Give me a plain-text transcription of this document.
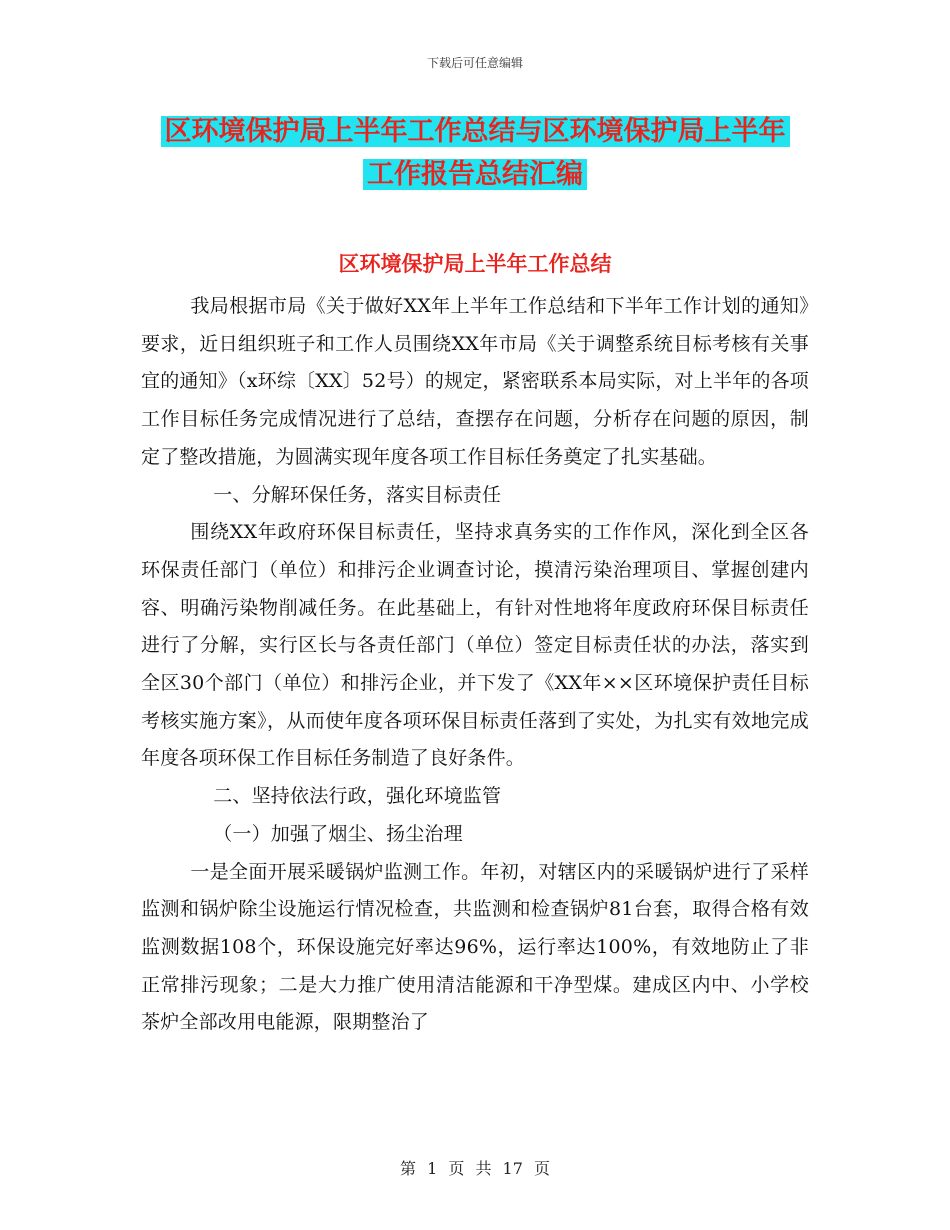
下载后可任意编辑
区环境保护局上半年工作总结与区环境保护局上半年
工作报告总结汇编
区环境保护局上半年工作总结

我局根据市局《关于做好XX年上半年工作总结和下半年工作计划的通知》要求，近日组织班子和工作人员围绕XX年市局《关于调整系统目标考核有关事宜的通知》（x环综〔XX〕52号）的规定，紧密联系本局实际，对上半年的各项工作目标任务完成情况进行了总结，查摆存在问题，分析存在问题的原因，制定了整改措施，为圆满实现年度各项工作目标任务奠定了扎实基础。

一、分解环保任务，落实目标责任

围绕XX年政府环保目标责任，坚持求真务实的工作作风，深化到全区各环保责任部门（单位）和排污企业调查讨论，摸清污染治理项目、掌握创建内容、明确污染物削减任务。在此基础上，有针对性地将年度政府环保目标责任进行了分解，实行区长与各责任部门（单位）签定目标责任状的办法，落实到全区30个部门（单位）和排污企业，并下发了《XX年××区环境保护责任目标考核实施方案》，从而使年度各项环保目标责任落到了实处，为扎实有效地完成年度各项环保工作目标任务制造了良好条件。

二、坚持依法行政，强化环境监管

（一）加强了烟尘、扬尘治理

一是全面开展采暖锅炉监测工作。年初，对辖区内的采暖锅炉进行了采样监测和锅炉除尘设施运行情况检查，共监测和检查锅炉81台套，取得合格有效监测数据108个，环保设施完好率达96%，运行率达100%，有效地防止了非正常排污现象；二是大力推广使用清洁能源和干净型煤。建成区内中、小学校茶炉全部改用电能源，限期整治了

第 1 页 共 17 页
